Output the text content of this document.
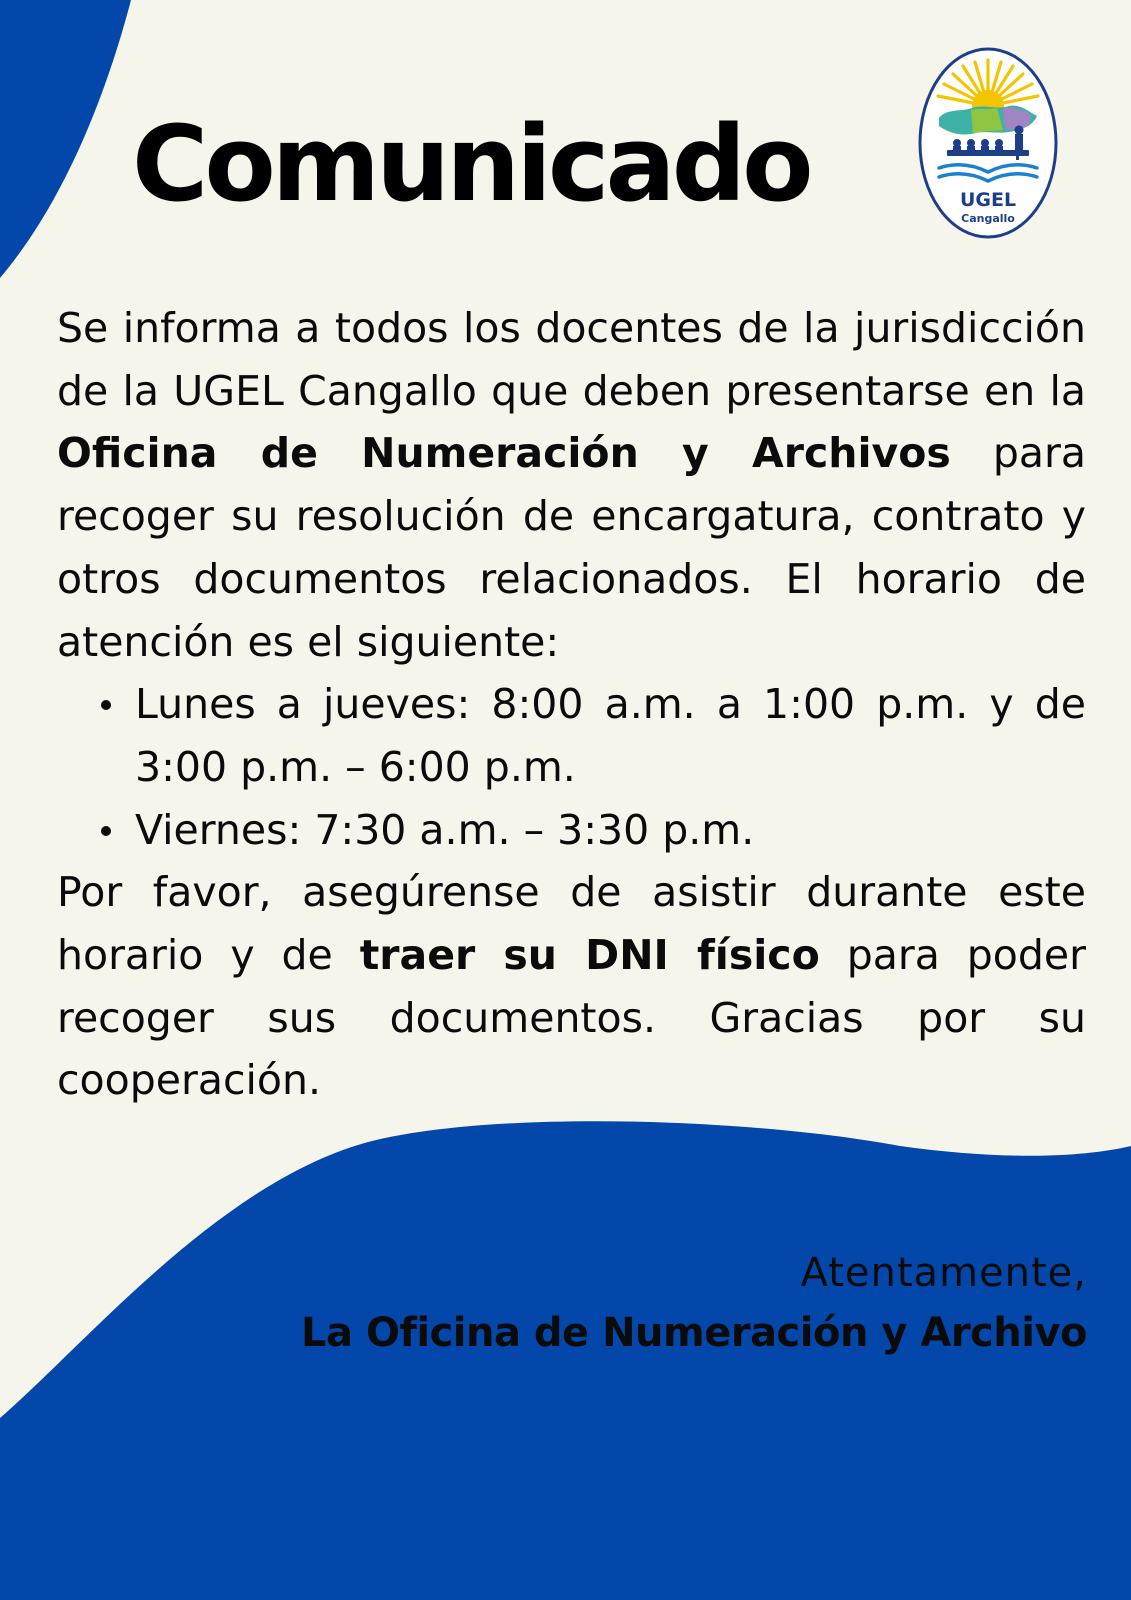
Comunicado	UGEL
Cangallo

Se informa a todos los docentes de la jurisdicción de la UGEL Cangallo que deben presentarse en la Oficina de Numeración y Archivos para recoger su resolución de encargatura, contrato y otros documentos relacionados. El horario de atención es el siguiente:

Lunes a jueves: 8:00 a.m. a 1:00 p.m. y de 3:00 p.m. – 6:00 p.m.
Viernes: 7:30 a.m. – 3:30 p.m.

Por favor, asegúrense de asistir durante este horario y de traer su DNI físico para poder recoger sus documentos. Gracias por su cooperación.

Atentamente,
La Oficina de Numeración y Archivo
